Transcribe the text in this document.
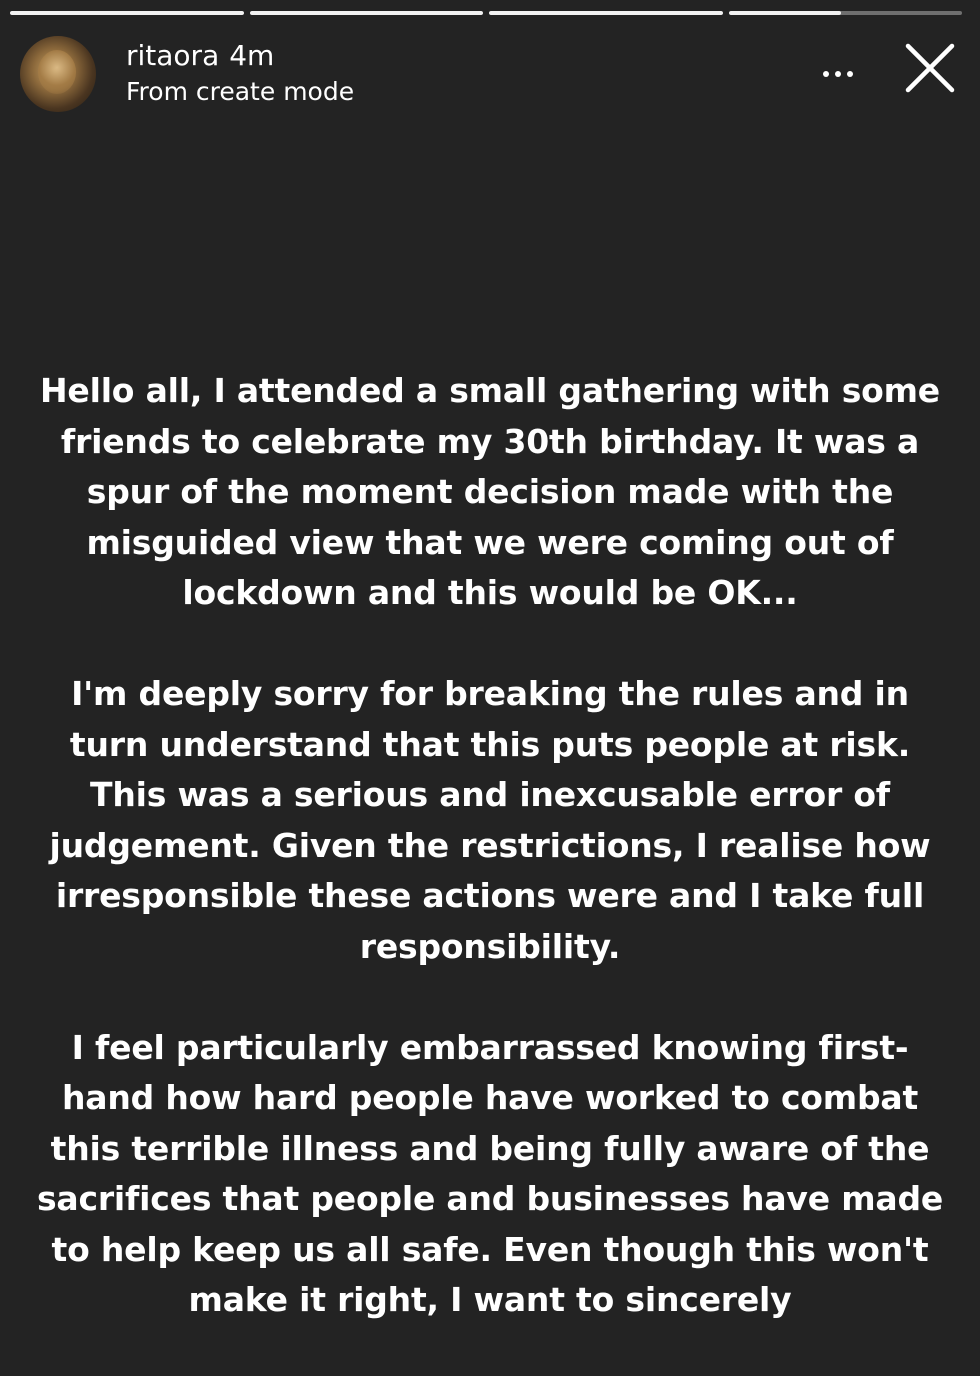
ritaora 4m
From create mode

Hello all, I attended a small gathering with some friends to celebrate my 30th birthday. It was a spur of the moment decision made with the misguided view that we were coming out of lockdown and this would be OK...

I'm deeply sorry for breaking the rules and in turn understand that this puts people at risk. This was a serious and inexcusable error of judgement. Given the restrictions, I realise how irresponsible these actions were and I take full responsibility.

I feel particularly embarrassed knowing first-hand how hard people have worked to combat this terrible illness and being fully aware of the sacrifices that people and businesses have made to help keep us all safe. Even though this won't make it right, I want to sincerely
